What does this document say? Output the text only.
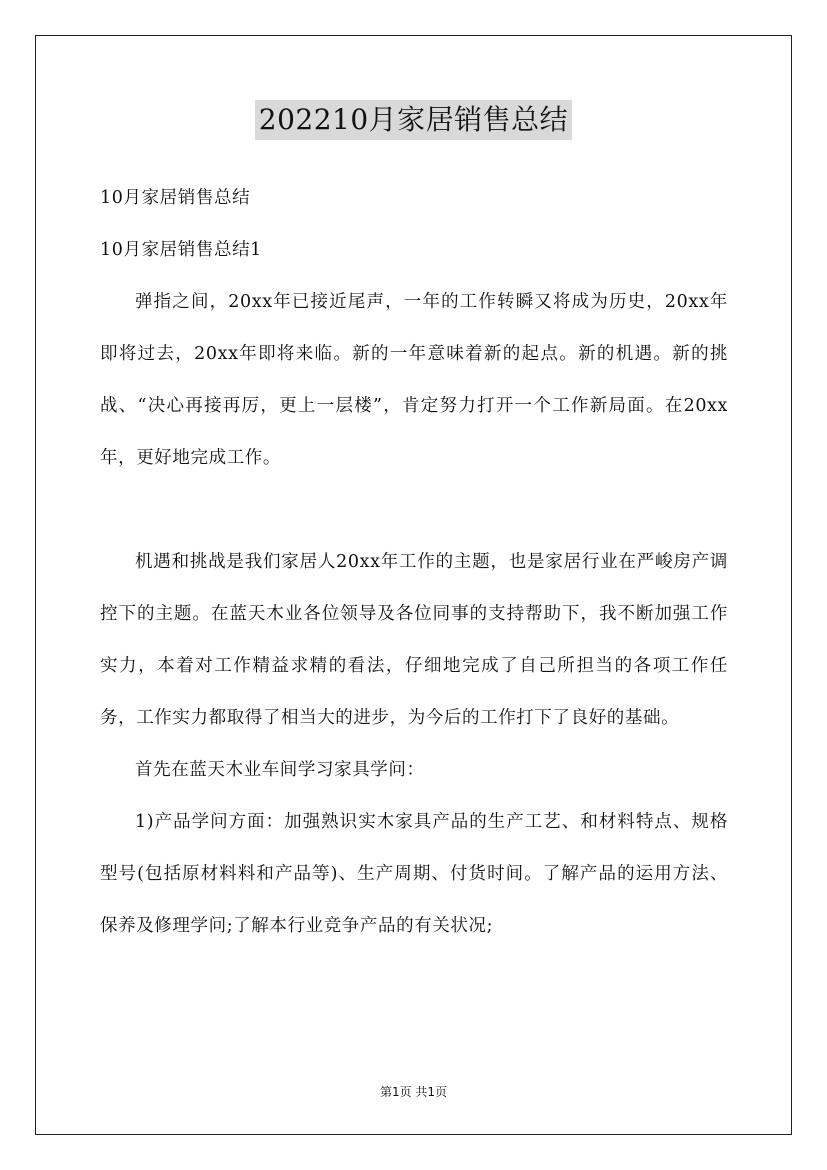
202210月家居销售总结

10月家居销售总结

10月家居销售总结1

弹指之间，20xx年已接近尾声，一年的工作转瞬又将成为历史，20xx年即将过去，20xx年即将来临。新的一年意味着新的起点。新的机遇。新的挑战、“决心再接再厉，更上一层楼”，肯定努力打开一个工作新局面。在20xx年，更好地完成工作。

机遇和挑战是我们家居人20xx年工作的主题，也是家居行业在严峻房产调控下的主题。在蓝天木业各位领导及各位同事的支持帮助下，我不断加强工作实力，本着对工作精益求精的看法，仔细地完成了自己所担当的各项工作任务，工作实力都取得了相当大的进步，为今后的工作打下了良好的基础。

首先在蓝天木业车间学习家具学问：

1)产品学问方面：加强熟识实木家具产品的生产工艺、和材料特点、规格型号(包括原材料料和产品等)、生产周期、付货时间。了解产品的运用方法、保养及修理学问;了解本行业竞争产品的有关状况;

第1页 共1页
